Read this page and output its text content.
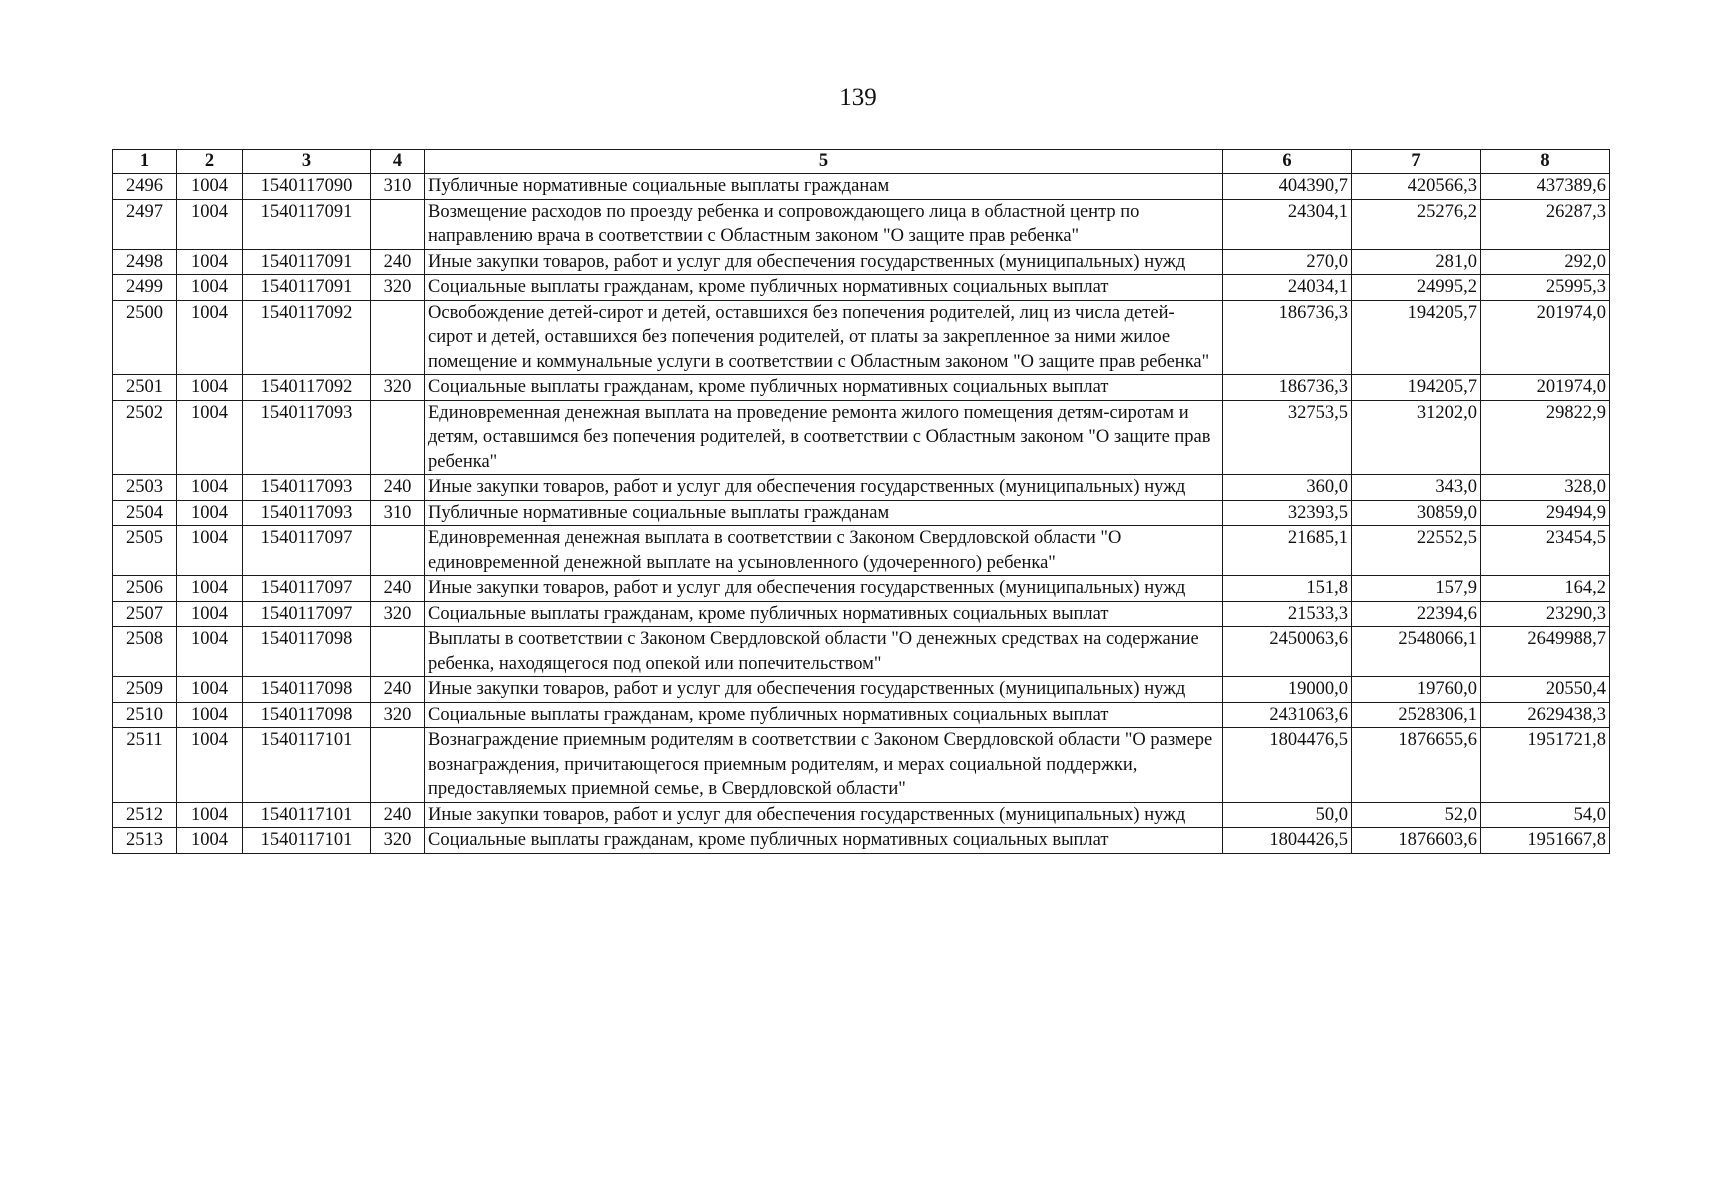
139
1	2	3	4	5	6	7	8
2496	1004	1540117090	310	Публичные нормативные социальные выплаты гражданам	404390,7	420566,3	437389,6
2497	1004	1540117091		Возмещение расходов по проезду ребенка и сопровождающего лица в областной центр по направлению врача в соответствии с Областным законом "О защите прав ребенка"	24304,1	25276,2	26287,3
2498	1004	1540117091	240	Иные закупки товаров, работ и услуг для обеспечения государственных (муниципальных) нужд	270,0	281,0	292,0
2499	1004	1540117091	320	Социальные выплаты гражданам, кроме публичных нормативных социальных выплат	24034,1	24995,2	25995,3
2500	1004	1540117092		Освобождение детей-сирот и детей, оставшихся без попечения родителей, лиц из числа детей-сирот и детей, оставшихся без попечения родителей, от платы за закрепленное за ними жилое помещение и коммунальные услуги в соответствии с Областным законом "О защите прав ребенка"	186736,3	194205,7	201974,0
2501	1004	1540117092	320	Социальные выплаты гражданам, кроме публичных нормативных социальных выплат	186736,3	194205,7	201974,0
2502	1004	1540117093		Единовременная денежная выплата на проведение ремонта жилого помещения детям-сиротам и детям, оставшимся без попечения родителей, в соответствии с Областным законом "О защите прав ребенка"	32753,5	31202,0	29822,9
2503	1004	1540117093	240	Иные закупки товаров, работ и услуг для обеспечения государственных (муниципальных) нужд	360,0	343,0	328,0
2504	1004	1540117093	310	Публичные нормативные социальные выплаты гражданам	32393,5	30859,0	29494,9
2505	1004	1540117097		Единовременная денежная выплата в соответствии с Законом Свердловской области "О единовременной денежной выплате на усыновленного (удочеренного) ребенка"	21685,1	22552,5	23454,5
2506	1004	1540117097	240	Иные закупки товаров, работ и услуг для обеспечения государственных (муниципальных) нужд	151,8	157,9	164,2
2507	1004	1540117097	320	Социальные выплаты гражданам, кроме публичных нормативных социальных выплат	21533,3	22394,6	23290,3
2508	1004	1540117098		Выплаты в соответствии с Законом Свердловской области "О денежных средствах на содержание ребенка, находящегося под опекой или попечительством"	2450063,6	2548066,1	2649988,7
2509	1004	1540117098	240	Иные закупки товаров, работ и услуг для обеспечения государственных (муниципальных) нужд	19000,0	19760,0	20550,4
2510	1004	1540117098	320	Социальные выплаты гражданам, кроме публичных нормативных социальных выплат	2431063,6	2528306,1	2629438,3
2511	1004	1540117101		Вознаграждение приемным родителям в соответствии с Законом Свердловской области "О размере вознаграждения, причитающегося приемным родителям, и мерах социальной поддержки, предоставляемых приемной семье, в Свердловской области"	1804476,5	1876655,6	1951721,8
2512	1004	1540117101	240	Иные закупки товаров, работ и услуг для обеспечения государственных (муниципальных) нужд	50,0	52,0	54,0
2513	1004	1540117101	320	Социальные выплаты гражданам, кроме публичных нормативных социальных выплат	1804426,5	1876603,6	1951667,8
